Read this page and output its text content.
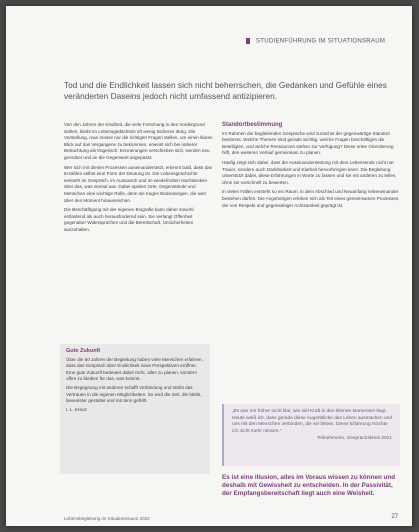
STUDIENFÜHRUNG IM SITUATIONSRAUM
Tod und die Endlichkeit lassen sich nicht beherrschen, die Gedanken und Gefühle eines veränderten Daseins jedoch nicht umfassend antizipieren.

Von den Jahren der Kindheit, die viele Forschung in den Vordergrund stellen, bleibt im Lebensgedächtnis oft wenig Sicheres übrig. Die Vorstellung, man müsse nur die richtigen Fragen stellen, um einen klaren Blick auf das Vergangene zu bekommen, erweist sich bei näherer Betrachtung als trügerisch. Erinnerungen verschieben sich, werden neu geordnet und an die Gegenwart angepasst.

Wer sich mit diesen Prozessen auseinandersetzt, erkennt bald, dass das Erzählen selbst eine Form der Deutung ist. Die Lebensgeschichte entsteht im Gespräch, im Austausch und im wiederholten Nachdenken über das, was einmal war. Dabei spielen Orte, Gegenstände und Menschen eine wichtige Rolle, denn sie tragen Bedeutungen, die weit über den Moment hinausreichen.

Die Beschäftigung mit der eigenen Biografie kann daher sowohl entlastend als auch herausfordernd sein. Sie verlangt Offenheit gegenüber Widersprüchen und die Bereitschaft, Unsicherheiten auszuhalten.

Standortbestimmung

Im Rahmen der begleitenden Gespräche wird zunächst der gegenwärtige Standort bestimmt. Welche Themen sind gerade wichtig, welche Fragen beschäftigen die Beteiligten, und welche Ressourcen stehen zur Verfügung? Diese erste Orientierung hilft, den weiteren Verlauf gemeinsam zu planen.

Häufig zeigt sich dabei, dass die Auseinandersetzung mit dem Lebensende nicht nur Trauer, sondern auch Dankbarkeit und Klarheit hervorbringen kann. Die Begleitung unterstützt dabei, diese Erfahrungen in Worte zu fassen und sie mit anderen zu teilen, ohne sie vorschnell zu bewerten.

In vielen Fällen entsteht so ein Raum, in dem Abschied und Neuanfang nebeneinander bestehen dürfen. Die Angehörigen erleben sich als Teil eines gemeinsamen Prozesses, der von Respekt und gegenseitiger Achtsamkeit geprägt ist.

Gute Zukunft

Über die 50 Jahren der Begleitung haben viele Menschen erfahren, dass das Gespräch über Endlichkeit neue Perspektiven eröffnet. Eine gute Zukunft bedeutet dabei nicht, alles zu planen, sondern offen zu bleiben für das, was kommt.

Die Begegnung mit anderen schafft Verbindung und stärkt das Vertrauen in die eigenen Möglichkeiten. So wird die Zeit, die bleibt, bewusster gestaltet und mit Sinn gefüllt.

I. L. Kreuz	„Es war mir früher nicht klar, wie viel Kraft in den kleinen Momenten liegt. Heute weiß ich, dass gerade diese Augenblicke das Leben ausmachen und uns mit den Menschen verbinden, die wir lieben. Diese Erfahrung möchte ich nicht mehr missen.“
Teilnehmerin, Gesprächskreis 2021
Es ist eine Illusion, alles im Voraus wissen zu können und deshalb mit Gewissheit zu entscheiden. In der Passivität, der Empfangsbereitschaft liegt auch eine Weisheit.
Lebensbegleitung im Situationsraum 2022	27
